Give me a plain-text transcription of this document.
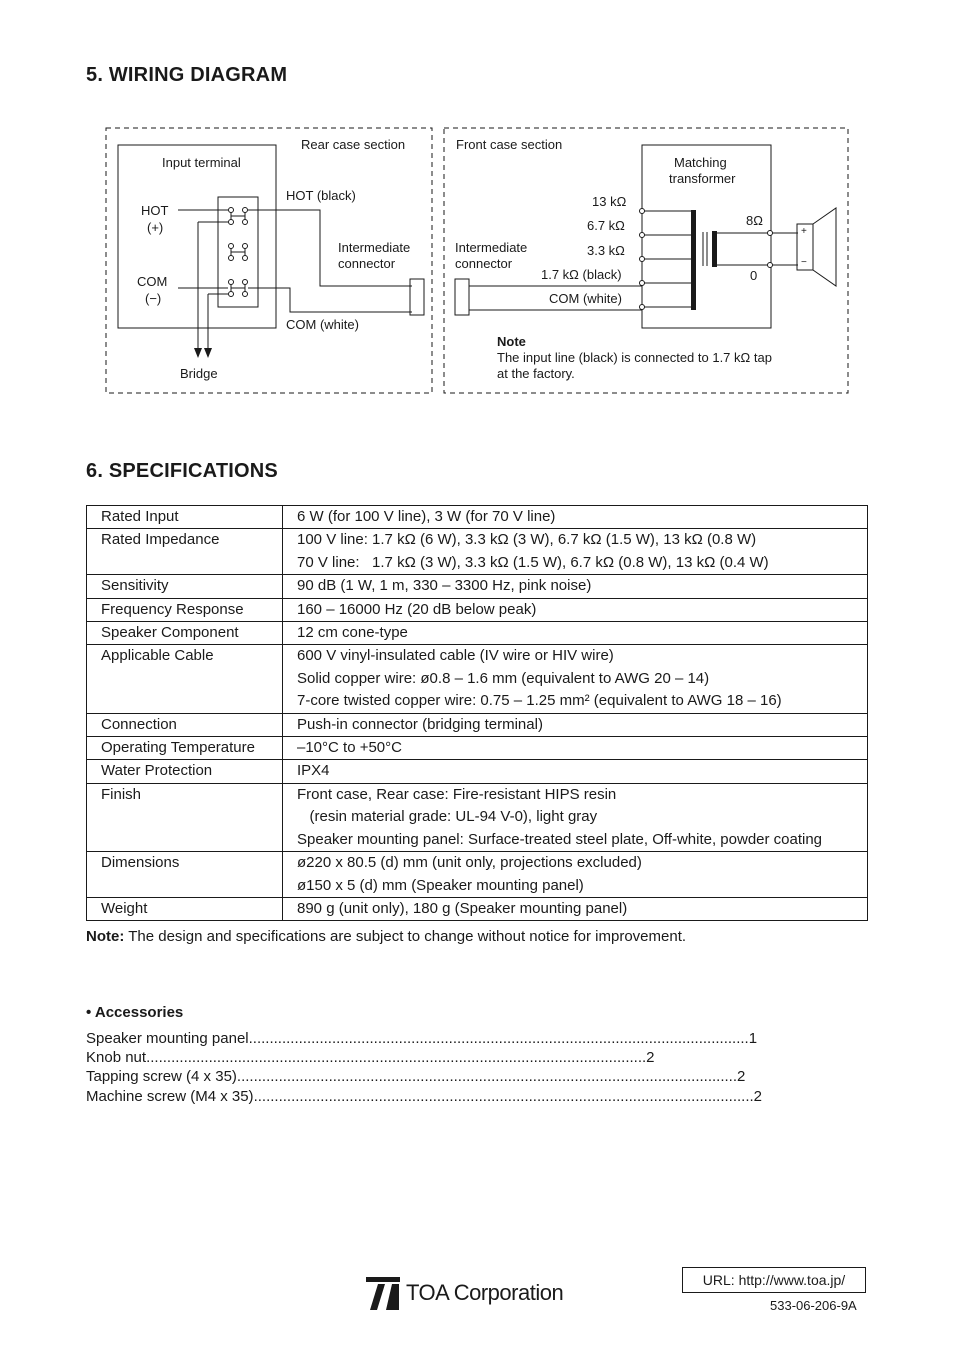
5. WIRING DIAGRAM
Rear case section	Front case section
Input terminal
HOT
(+)
COM
(−)
Bridge
HOT (black)
COM (white)
Intermediate
connector
Intermediate
connector
Matching
transformer
13 kΩ
6.7 kΩ
3.3 kΩ
1.7 kΩ (black)
COM (white)
8Ω
0
+
−
Note
The input line (black) is connected to 1.7 kΩ tap
at the factory.
6. SPECIFICATIONS
Rated Input	6 W (for 100 V line), 3 W (for 70 V line)

Rated Impedance	100 V line: 1.7 kΩ (6 W), 3.3 kΩ (3 W), 6.7 kΩ (1.5 W), 13 kΩ (0.8 W)
70 V line:   1.7 kΩ (3 W), 3.3 kΩ (1.5 W), 6.7 kΩ (0.8 W), 13 kΩ (0.4 W)

Sensitivity	90 dB (1 W, 1 m, 330 – 3300 Hz, pink noise)

Frequency Response	160 – 16000 Hz (20 dB below peak)

Speaker Component	12 cm cone-type

Applicable Cable	600 V vinyl-insulated cable (IV wire or HIV wire)
Solid copper wire: ø0.8 – 1.6 mm (equivalent to AWG 20 – 14)
7-core twisted copper wire: 0.75 – 1.25 mm² (equivalent to AWG 18 – 16)

Connection	Push-in connector (bridging terminal)

Operating Temperature	–10°C to +50°C

Water Protection	IPX4

Finish	Front case, Rear case: Fire-resistant HIPS resin
(resin material grade: UL-94 V-0), light gray
Speaker mounting panel: Surface-treated steel plate, Off-white, powder coating

Dimensions	ø220 x 80.5 (d) mm (unit only, projections excluded)
ø150 x 5 (d) mm (Speaker mounting panel)

Weight	890 g (unit only), 180 g (Speaker mounting panel)
Note: The design and specifications are subject to change without notice for improvement.
• Accessories
Speaker mounting panel ........................................................................................................................ 1
Knob nut ........................................................................................................................ 2
Tapping screw (4 x 35) ........................................................................................................................ 2
Machine screw (M4 x 35) ........................................................................................................................ 2
TOA Corporation	URL: http://www.toa.jp/
533-06-206-9A
